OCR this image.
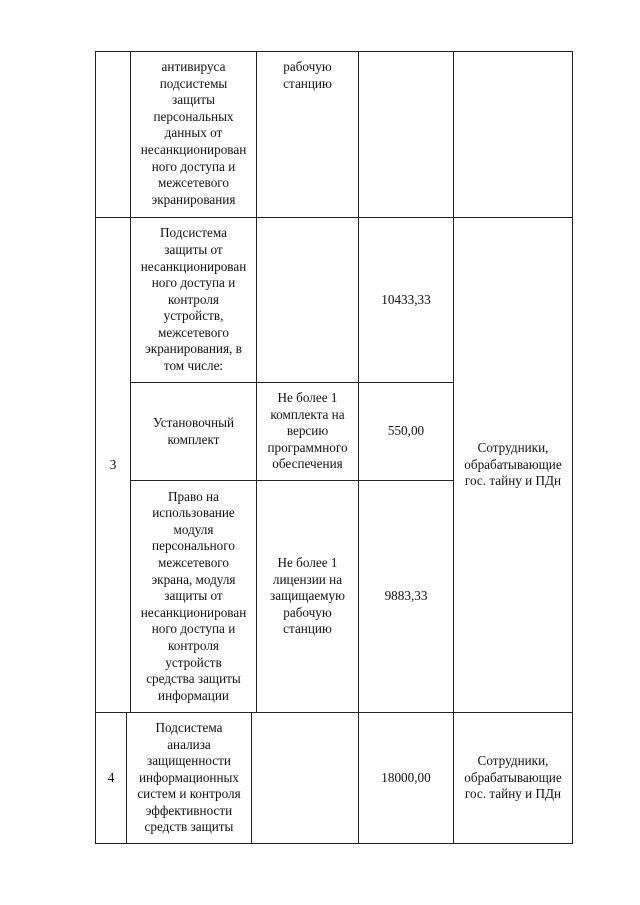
антивируса
подсистемы
защиты
персональных
данных от
несанкционирован
ного доступа и
межсетевого
экранирования
рабочую
станцию
3
Подсистема
защиты от
несанкционирован
ного доступа и
контроля
устройств,
межсетевого
экранирования, в
том числе:
10433,33
Сотрудники,
обрабатывающие
гос. тайну и ПДн
Установочный
комплект
Не более 1
комплекта на
версию
программного
обеспечения
550,00
Право на
использование
модуля
персонального
межсетевого
экрана, модуля
защиты от
несанкционирован
ного доступа и
контроля
устройств
средства защиты
информации
Не более 1
лицензии на
защищаемую
рабочую
станцию
9883,33
4
Подсистема
анализа
защищенности
информационных
систем и контроля
эффективности
средств защиты
18000,00
Сотрудники,
обрабатывающие
гос. тайну и ПДн
